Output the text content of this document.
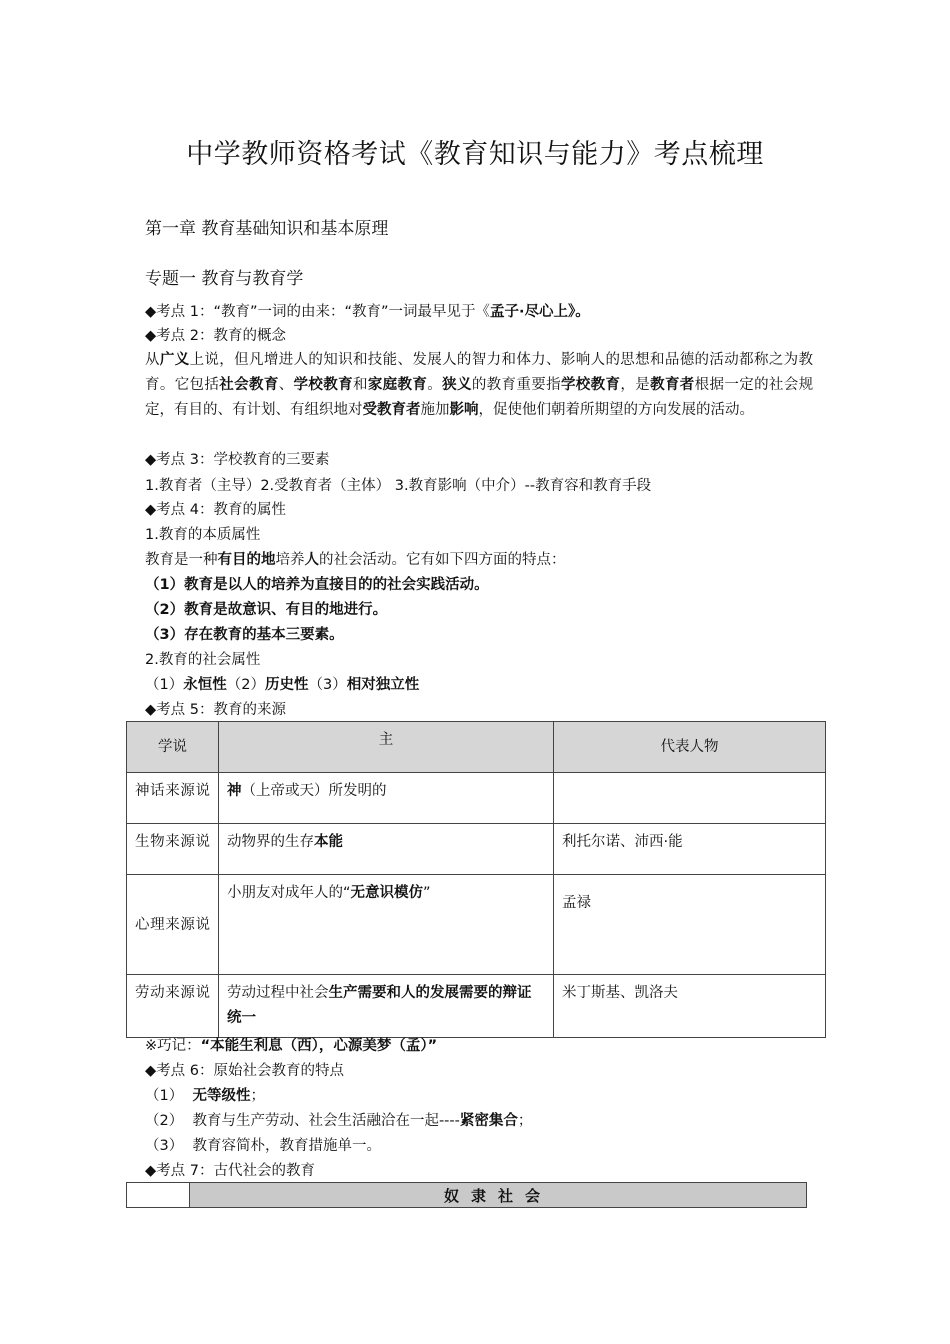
中学教师资格考试《教育知识与能力》考点梳理
第一章 教育基础知识和基本原理
专题一 教育与教育学
◆考点 1：“教育”一词的由来：“教育”一词最早见于《孟子·尽心上》。
◆考点 2：教育的概念
从广义上说，但凡增进人的知识和技能、发展人的智力和体力、影响人的思想和品德的活动都称之为教育。它包括社会教育、学校教育和家庭教育。狭义的教育重要指学校教育，是教育者根据一定的社会规定，有目的、有计划、有组织地对受教育者施加影响，促使他们朝着所期望的方向发展的活动。
◆考点 3：学校教育的三要素
1.教育者（主导）2.受教育者（主体） 3.教育影响（中介）--教育容和教育手段
◆考点 4：教育的属性
1.教育的本质属性
教育是一种有目的地培养人的社会活动。它有如下四方面的特点：
（1）教育是以人的培养为直接目的的社会实践活动。
（2）教育是故意识、有目的地进行。
（3）存在教育的基本三要素。
2.教育的社会属性
（1）永恒性（2）历史性（3）相对独立性
◆考点 5：教育的来源
学说	主	代表人物
神话来源说	神（上帝或天）所发明的	
生物来源说	动物界的生存本能	利托尔诺、沛西·能
心理来源说	小朋友对成年人的“无意识模仿”	孟禄
劳动来源说	劳动过程中社会生产需要和人的发展需要的辩证统一	米丁斯基、凯洛夫
※巧记：“本能生利息（西），心源美梦（孟）”
◆考点 6：原始社会教育的特点
（1） 无等级性；
（2） 教育与生产劳动、社会生活融洽在一起----紧密集合；
（3） 教育容简朴，教育措施单一。
◆考点 7：古代社会的教育
	奴隶社会
